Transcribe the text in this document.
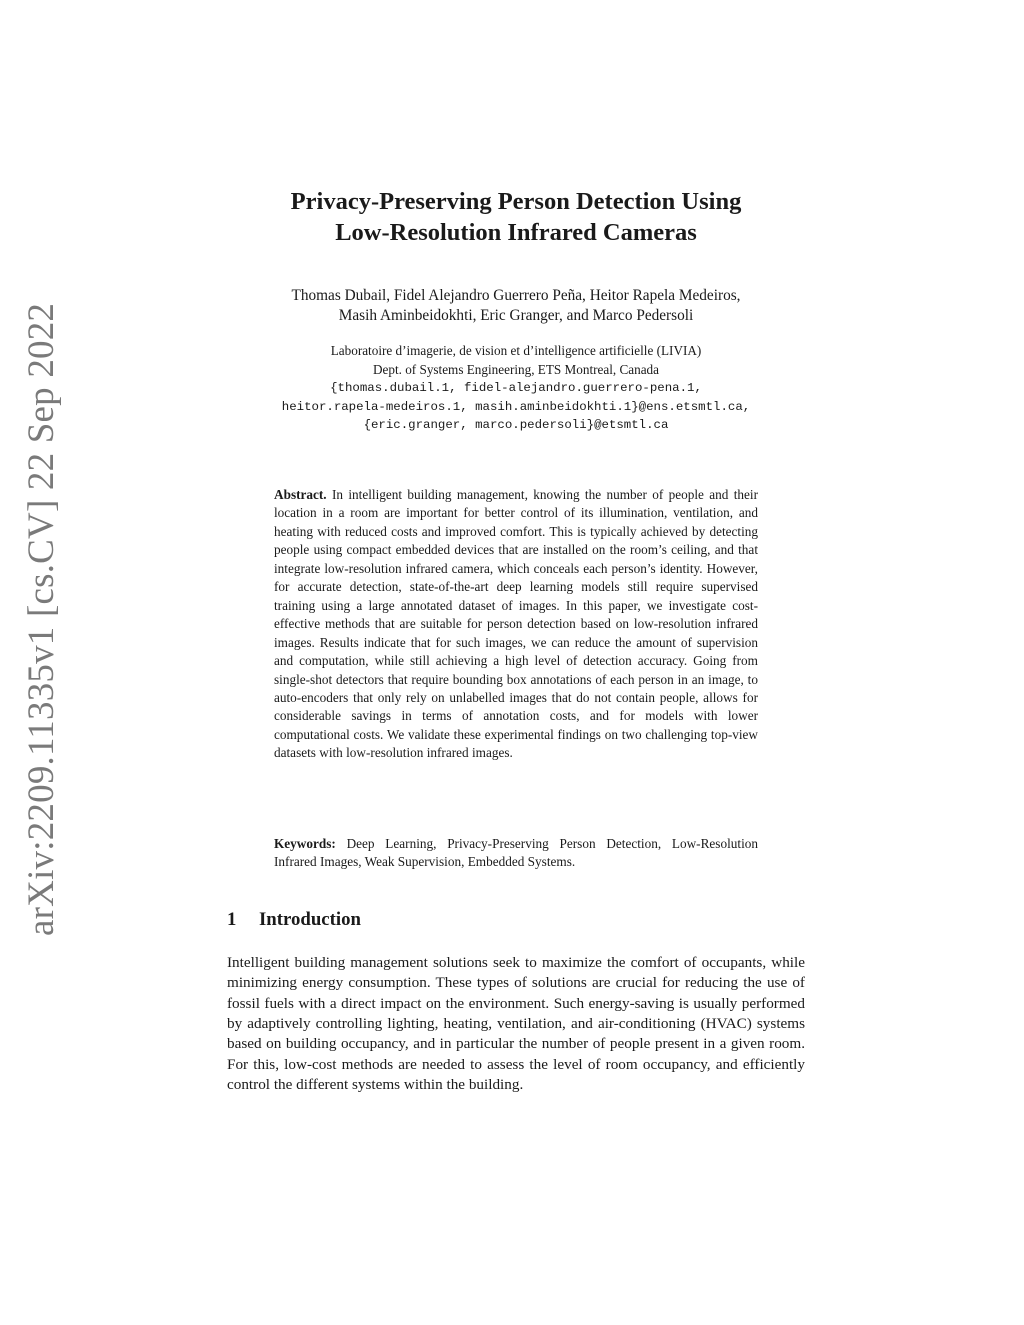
arXiv:2209.11335v1 [cs.CV] 22 Sep 2022
Privacy-Preserving Person Detection Using
Low-Resolution Infrared Cameras
Thomas Dubail, Fidel Alejandro Guerrero Peña, Heitor Rapela Medeiros,
Masih Aminbeidokhti, Eric Granger, and Marco Pedersoli
Laboratoire d’imagerie, de vision et d’intelligence artificielle (LIVIA)
Dept. of Systems Engineering, ETS Montreal, Canada
{thomas.dubail.1, fidel-alejandro.guerrero-pena.1,
heitor.rapela-medeiros.1, masih.aminbeidokhti.1}@ens.etsmtl.ca,
{eric.granger, marco.pedersoli}@etsmtl.ca
Abstract. In intelligent building management, knowing the number of people and their location in a room are important for better control of its illumination, ventilation, and heating with reduced costs and improved comfort. This is typically achieved by detecting people using compact embedded devices that are installed on the room’s ceiling, and that integrate low-resolution infrared camera, which conceals each person’s identity. However, for accurate detection, state-of-the-art deep learning models still require supervised training using a large annotated dataset of images. In this paper, we investigate cost-effective methods that are suitable for person detection based on low-resolution infrared images. Results indicate that for such images, we can reduce the amount of supervision and computation, while still achieving a high level of detection accuracy. Going from single-shot detectors that require bounding box annotations of each person in an image, to auto-encoders that only rely on unlabelled images that do not contain people, allows for considerable savings in terms of annotation costs, and for models with lower computational costs. We validate these experimental findings on two challenging top-view datasets with low-resolution infrared images.
Keywords: Deep Learning, Privacy-Preserving Person Detection, Low-Resolution Infrared Images, Weak Supervision, Embedded Systems.
1 Introduction
Intelligent building management solutions seek to maximize the comfort of occupants, while minimizing energy consumption. These types of solutions are crucial for reducing the use of fossil fuels with a direct impact on the environment. Such energy-saving is usually performed by adaptively controlling lighting, heating, ventilation, and air-conditioning (HVAC) systems based on building occupancy, and in particular the number of people present in a given room. For this, low-cost methods are needed to assess the level of room occupancy, and efficiently control the different systems within the building.
